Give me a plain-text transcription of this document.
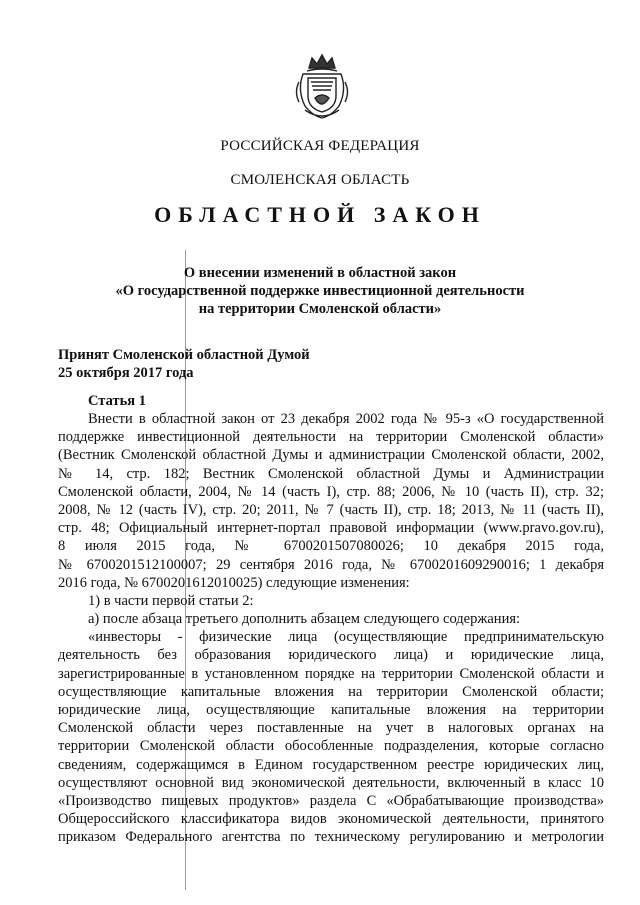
РОССИЙСКАЯ ФЕДЕРАЦИЯ
СМОЛЕНСКАЯ ОБЛАСТЬ
ОБЛАСТНОЙ ЗАКОН
О внесении изменений в областной закон
«О государственной поддержке инвестиционной деятельности
на территории Смоленской области»
Принят Смоленской областной Думой
25 октября 2017 года
Статья 1
Внести в областной закон от 23 декабря 2002 года № 95-з «О государственной
поддержке инвестиционной деятельности на территории Смоленской области»
(Вестник Смоленской областной Думы и администрации Смоленской области, 2002,
№ 14, стр. 182; Вестник Смоленской областной Думы и Администрации
Смоленской области, 2004, № 14 (часть I), стр. 88; 2006, № 10 (часть II), стр. 32;
2008, № 12 (часть IV), стр. 20; 2011, № 7 (часть II), стр. 18; 2013, № 11 (часть II),
стр. 48; Официальный интернет-портал правовой информации (www.pravo.gov.ru),
8 июля 2015 года, № 6700201507080026; 10 декабря 2015 года,
№ 6700201512100007; 29 сентября 2016 года, № 6700201609290016; 1 декабря
2016 года, № 6700201612010025) следующие изменения:
1) в части первой статьи 2:
а) после абзаца третьего дополнить абзацем следующего содержания:
«инвесторы - физические лица (осуществляющие предпринимательскую
деятельность без образования юридического лица) и юридические лица,
зарегистрированные в установленном порядке на территории Смоленской области и
осуществляющие капитальные вложения на территории Смоленской области;
юридические лица, осуществляющие капитальные вложения на территории
Смоленской области через поставленные на учет в налоговых органах на
территории Смоленской области обособленные подразделения, которые согласно
сведениям, содержащимся в Едином государственном реестре юридических лиц,
осуществляют основной вид экономической деятельности, включенный в класс 10
«Производство пищевых продуктов» раздела С «Обрабатывающие производства»
Общероссийского классификатора видов экономической деятельности, принятого
приказом Федерального агентства по техническому регулированию и метрологии
